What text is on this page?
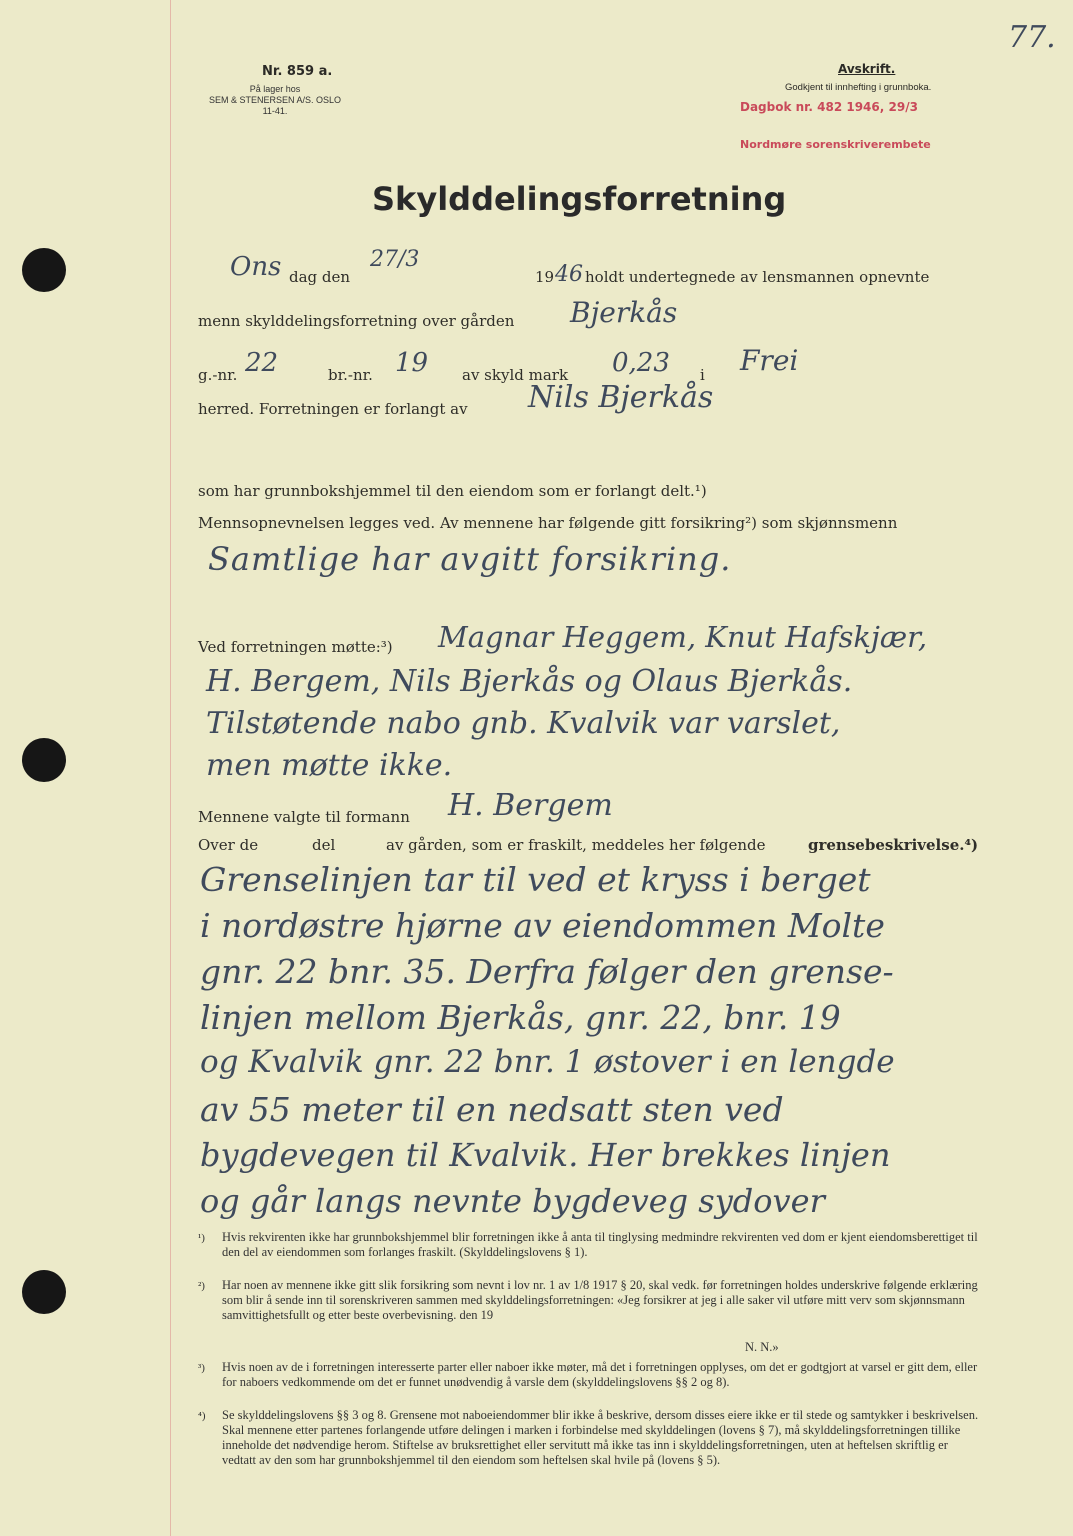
Nr. 859 a.
På lager hos
SEM & STENERSEN A/S. OSLO
11-41.
Avskrift.
Godkjent til innhefting i grunnboka.
Dagbok nr. 482 1946, 29/3
Nordmøre sorenskriverembete
77.
Skylddelingsforretning
Ons dag den
27/3
19 46 holdt undertegnede av lensmannen opnevnte
menn skylddelingsforretning over gården Bjerkås
g.-nr. 22	br.-nr. 19 av skyld mark 0,23 i Frei
herred. Forretningen er forlangt av Nils Bjerkås
som har grunnbokshjemmel til den eiendom som er forlangt delt.¹)
Mennsopnevnelsen legges ved. Av mennene har følgende gitt forsikring²) som skjønnsmenn
Samtlige har avgitt forsikring.
Ved forretningen møtte:³) Magnar Heggem, Knut Hafskjær,
H. Bergem, Nils Bjerkås og Olaus Bjerkås.
Tilstøtende nabo gnb. Kvalvik var varslet,
men møtte ikke.
Mennene valgte til formann H. Bergem
Over de	del	av gården, som er fraskilt, meddeles her følgende	grensebeskrivelse.⁴)
Grenselinjen tar til ved et kryss i berget
i nordøstre hjørne av eiendommen Molte
gnr. 22 bnr. 35. Derfra følger den grense-
linjen mellom Bjerkås, gnr. 22, bnr. 19
og Kvalvik gnr. 22 bnr. 1 østover i en lengde
av 55 meter til en nedsatt sten ved
bygdevegen til Kvalvik. Her brekkes linjen
og går langs nevnte bygdeveg sydover
¹) Hvis rekvirenten ikke har grunnbokshjemmel blir forretningen ikke å anta til tinglysing medmindre rekvirenten ved dom er kjent eiendomsberettiget til den del av eiendommen som forlanges fraskilt. (Skylddelingslovens § 1).
²) Har noen av mennene ikke gitt slik forsikring som nevnt i lov nr. 1 av 1/8 1917 § 20, skal vedk. før forretningen holdes underskrive følgende erklæring som blir å sende inn til sorenskriveren sammen med skylddelingsforretningen: «Jeg forsikrer at jeg i alle saker vil utføre mitt verv som skjønnsmann samvittighetsfullt og etter beste overbevisning. den 19
N. N.»
³) Hvis noen av de i forretningen interesserte parter eller naboer ikke møter, må det i forretningen opplyses, om det er godtgjort at varsel er gitt dem, eller for naboers vedkommende om det er funnet unødvendig å varsle dem (skylddelingslovens §§ 2 og 8).
⁴) Se skylddelingslovens §§ 3 og 8. Grensene mot naboeiendommer blir ikke å beskrive, dersom disses eiere ikke er til stede og samtykker i beskrivelsen. Skal mennene etter partenes forlangende utføre delingen i marken i forbindelse med skylddelingen (lovens § 7), må skylddelingsforretningen tillike inneholde det nødvendige herom. Stiftelse av bruksrettighet eller servitutt må ikke tas inn i skylddelingsforretningen, uten at heftelsen skriftlig er vedtatt av den som har grunnbokshjemmel til den eiendom som heftelsen skal hvile på (lovens § 5).
